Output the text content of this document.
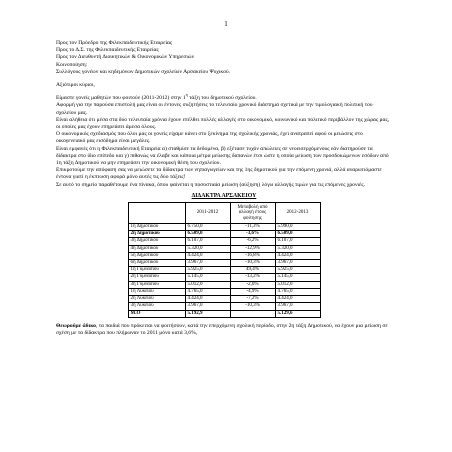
1

Προς τον Πρόεδρο της Φιλεκπαιδευτικής Εταιρείας

Προς το Δ.Σ. της Φιλεκπαιδευτικής Εταιρείας

Προς τον Διευθυντή Διοικητικών & Οικονομικών Υπηρεσιών

Κοινοποίηση:

Συλλόγους γονέων και κηδεμόνων Δημοτικών σχολείων Αρσακείου Ψυχικού.

Αξιότιμοι κύριοι,

Είμαστε γονείς μαθητών που φοιτούν (2011-2012) στην $1^\eta$ τάξη του δημοτικού σχολείου.

Αφορμή για την παρούσα επιστολή μας είναι οι έντονες συζητήσεις το τελευταίο χρονικό διάστημα σχετικά με την τιμολογιακή πολιτική του σχολείου μας.

Είναι αλήθεια ότι μέσα στα δύο τελευταία χρόνια έχουν επέλθει πολλές αλλαγές στο οικονομικό, κοινωνικό και πολιτικό περιβάλλον της χώρας μας, οι οποίες μας έχουν επηρεάσει άμεσα όλους.

Ο οικονομικός σχεδιασμός που όλοι μας οι γονείς είχαμε κάνει στο ξεκίνημα της σχολικής χρονιάς, έχει ανατραπεί αφού οι μειώσεις στο οικογενειακό μας εισόδημα είναι μεγάλες.

Είναι εμφανές ότι η Φιλεκπαιδευτική Εταιρεία α) σταθμίσε τα δεδομένα, β) εξέτασε τυχόν απώλειες σε νεοεισερχόμενους εάν διατηρούσε τα δίδακτρα στο ίδιο επίπεδο και γ) πιθανώς να έλαβε και κάποια μέτρα μείωσης δαπανών έτσι ώστε η οποία μείωση των προσδοκώμενων εσόδων από 1η τάξη Δημοτικού να μην επηρεάσει την οικονομική θέση του σχολείου.

Επικροτούμε την απόφαση σας να μειώσετε τα δίδακτρα των νηπιαγωγείων και της 1ης δημοτικού για την επόμενη χρονιά, αλλά αναρωτιόμαστε έντονα γιατί η έκπτωση αφορά μόνο αυτές τις δύο τάξεις!

Σε αυτό το σημείο παραθέτουμε ένα πίνακα, όπου φαίνεται η ποσοστιαία μείωση (αύξηση) λόγω αλλαγής τιμών για τις επόμενες χρονιές.

ΔΙΔΑΚΤΡΑ ΑΡΣΑΚΕΙΟΥ
	2011-2012	Μεταβολή από αλλαγή έτους φοίτησης	2012-2013
1η Δημοτικού	6.750,0	-11,3%	5.990,0
2η Δημοτικού	6.509,0	-3,6%	6.509,0
3η Δημοτικού	6.107,0	-6,2%	6.107,0
4η Δημοτικού	5.320,0	-12,9%	5.320,0
5η Δημοτικού	4.424,0	-16,8%	4.424,0
6η Δημοτικού	3.967,0	-10,3%	3.967,0
1η Γυμνασίου	5.925,0	49,4%	5.925,0
2η Γυμνασίου	5.145,0	-13,2%	5.145,0
3η Γυμνασίου	5.012,0	-2,6%	5.012,0
1η Λυκείου	4.765,0	-4,9%	4.765,0
2η Λυκείου	4.424,0	-7,2%	4.424,0
3η Λυκείου	3.967,0	-10,3%	3.967,0
Μ.Ο	5.192,9		5.129,6

Θεωρούμε άδικο, τα παιδιά που πρόκειται να φοιτήσουν, κατά την επερχόμενη σχολική περίοδο, στην 2η τάξη Δημοτικού, να έχουν μια μείωση σε σχέση με τα δίδακτρα που πλήρωναν το 2011 μόνο κατά 3,6%,
